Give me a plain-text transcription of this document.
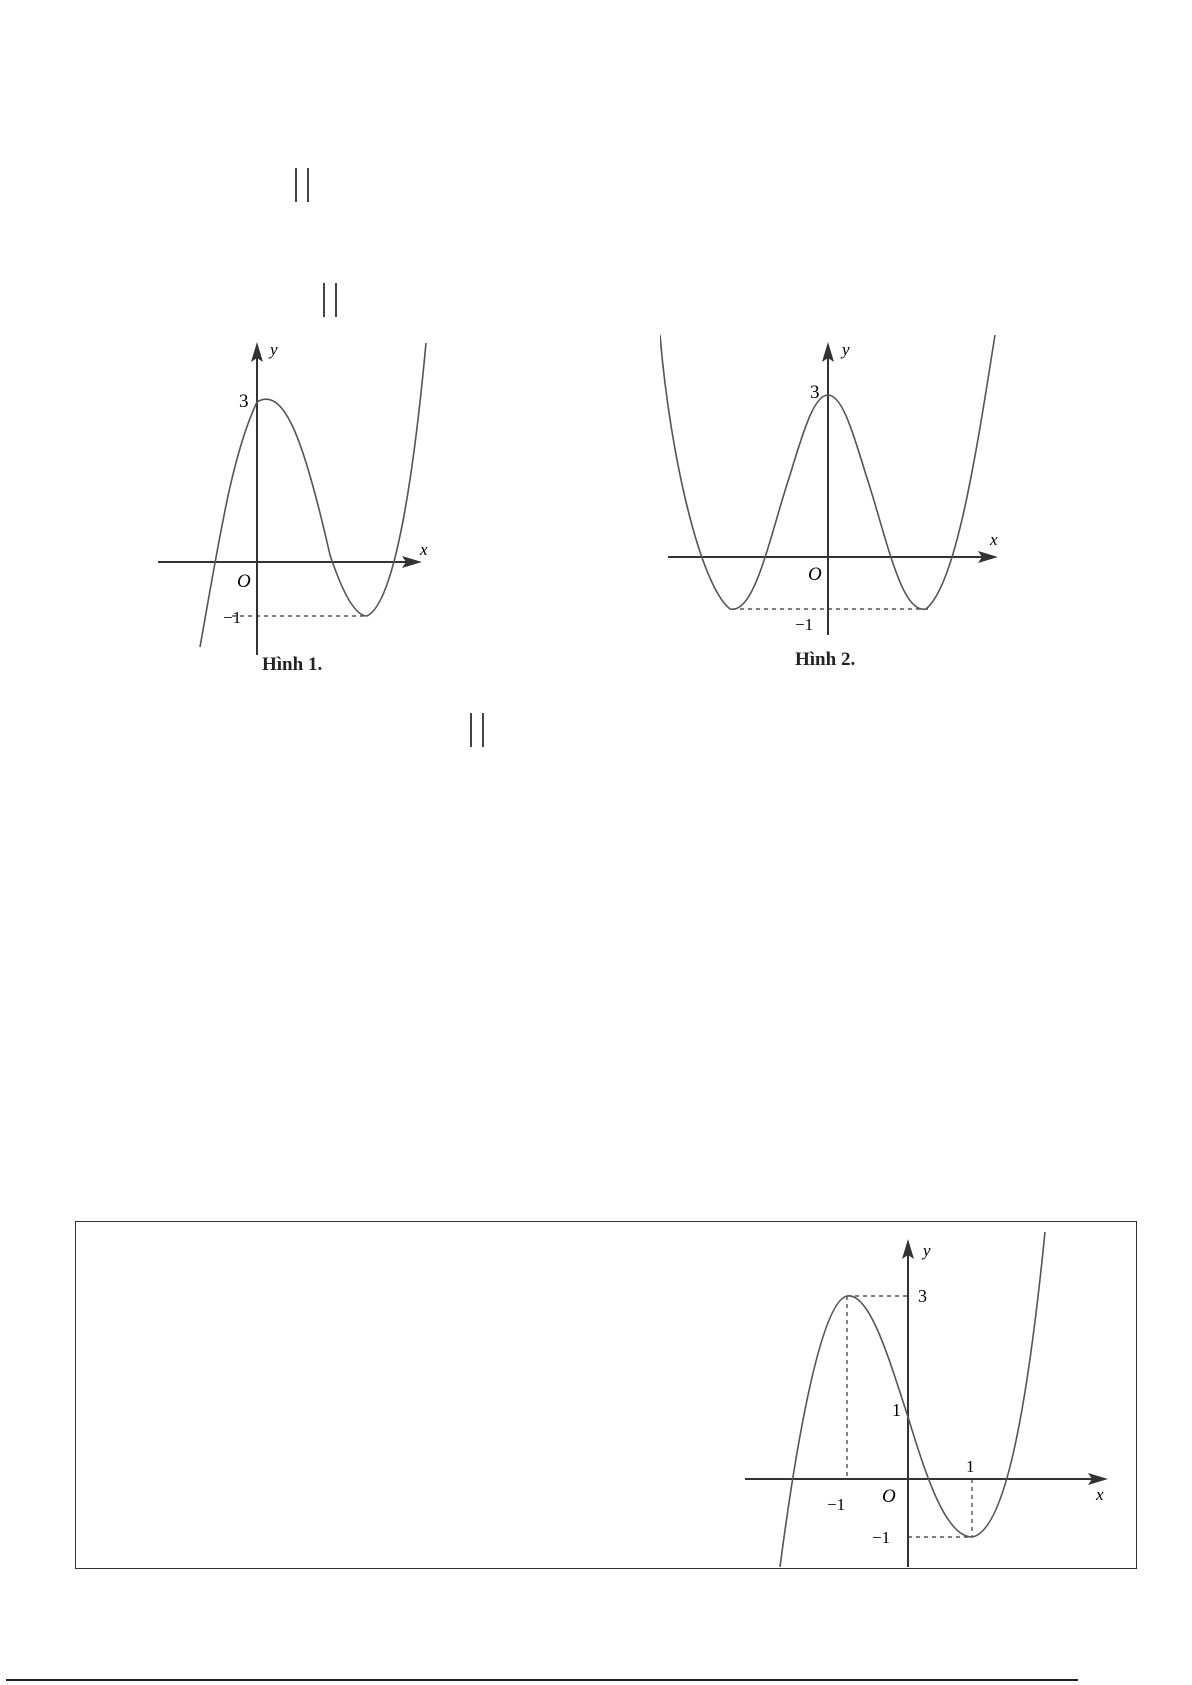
x
y
O
3
−1
Hình 1.
x
y
O
3
−1
Hình 2.
x
y
O
3
1
−1
−1
1
